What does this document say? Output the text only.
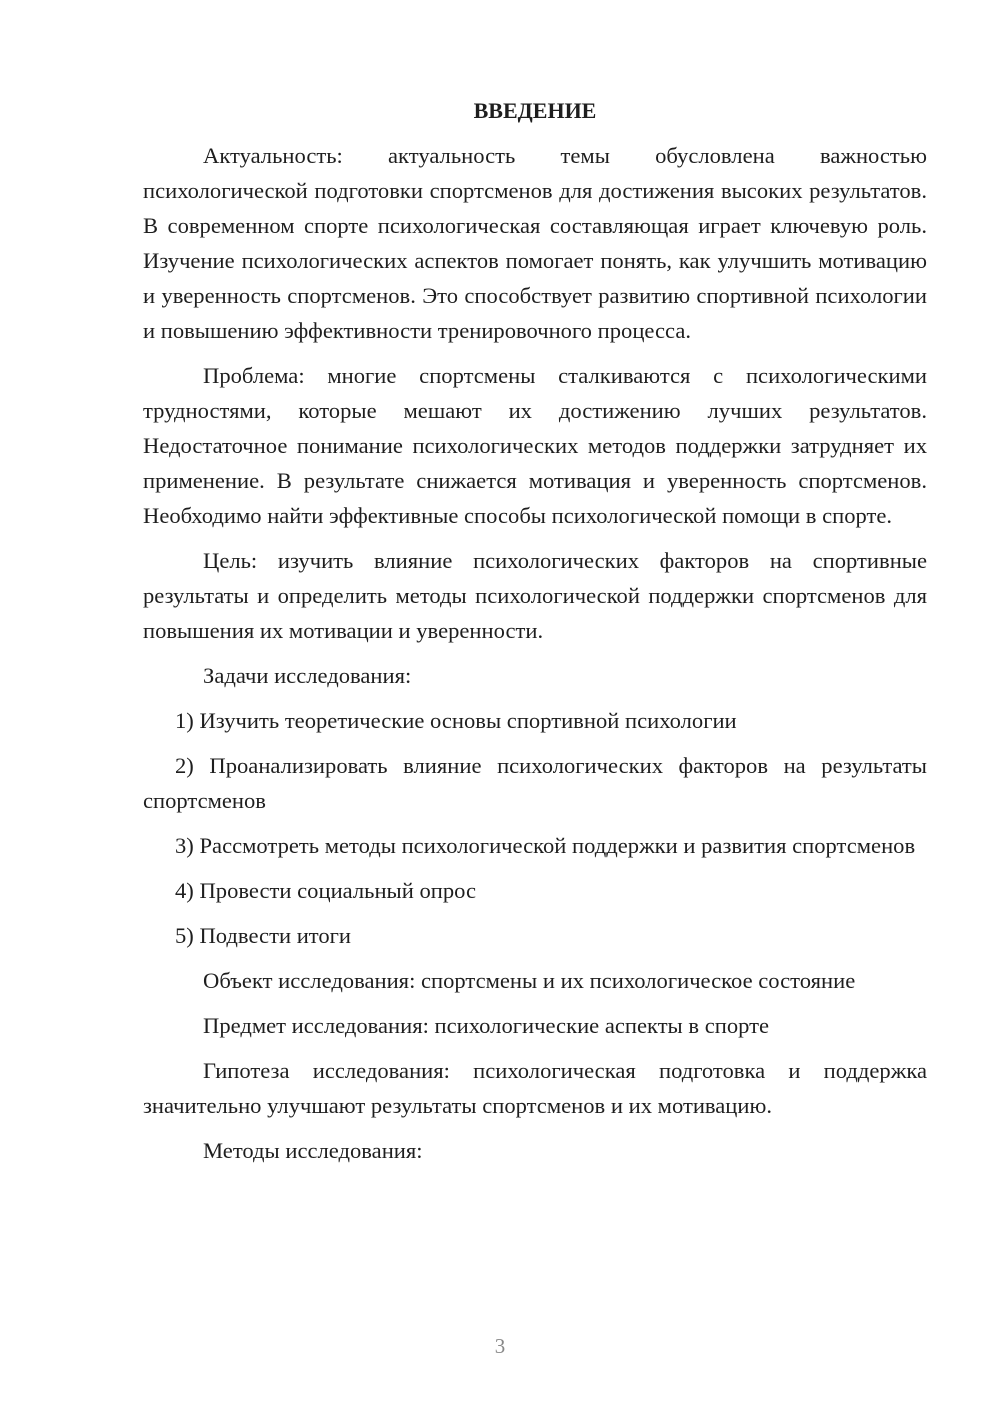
ВВЕДЕНИЕ

Актуальность: актуальность темы обусловлена важностью психологической подготовки спортсменов для достижения высоких результатов. В современном спорте психологическая составляющая играет ключевую роль. Изучение психологических аспектов помогает понять, как улучшить мотивацию и уверенность спортсменов. Это способствует развитию спортивной психологии и повышению эффективности тренировочного процесса.

Проблема: многие спортсмены сталкиваются с психологическими трудностями, которые мешают их достижению лучших результатов. Недостаточное понимание психологических методов поддержки затрудняет их применение. В результате снижается мотивация и уверенность спортсменов. Необходимо найти эффективные способы психологической помощи в спорте.

Цель: изучить влияние психологических факторов на спортивные результаты и определить методы психологической поддержки спортсменов для повышения их мотивации и уверенности.

Задачи исследования:

1) Изучить теоретические основы спортивной психологии

2) Проанализировать влияние психологических факторов на результаты спортсменов

3) Рассмотреть методы психологической поддержки и развития спортсменов

4) Провести социальный опрос

5) Подвести итоги

Объект исследования: спортсмены и их психологическое состояние

Предмет исследования: психологические аспекты в спорте

Гипотеза исследования: психологическая подготовка и поддержка значительно улучшают результаты спортсменов и их мотивацию.

Методы исследования:

3
